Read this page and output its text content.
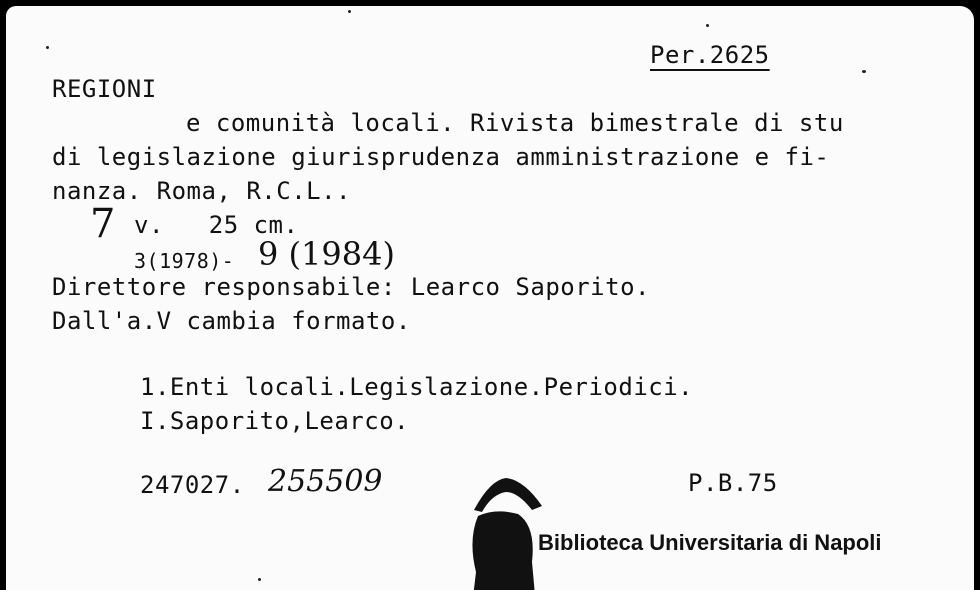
Per.2625
REGIONI
e comunità locali. Rivista bimestrale di stu
di legislazione giurisprudenza amministrazione e fi-
nanza. Roma, R.C.L..
7 v.   25 cm.
3(1978)- 9 (1984)
Direttore responsabile: Learco Saporito.
Dall'a.V cambia formato.
1.Enti locali.Legislazione.Periodici.
I.Saporito,Learco.
247027. 255509	P.B.75
Biblioteca Universitaria di Napoli
